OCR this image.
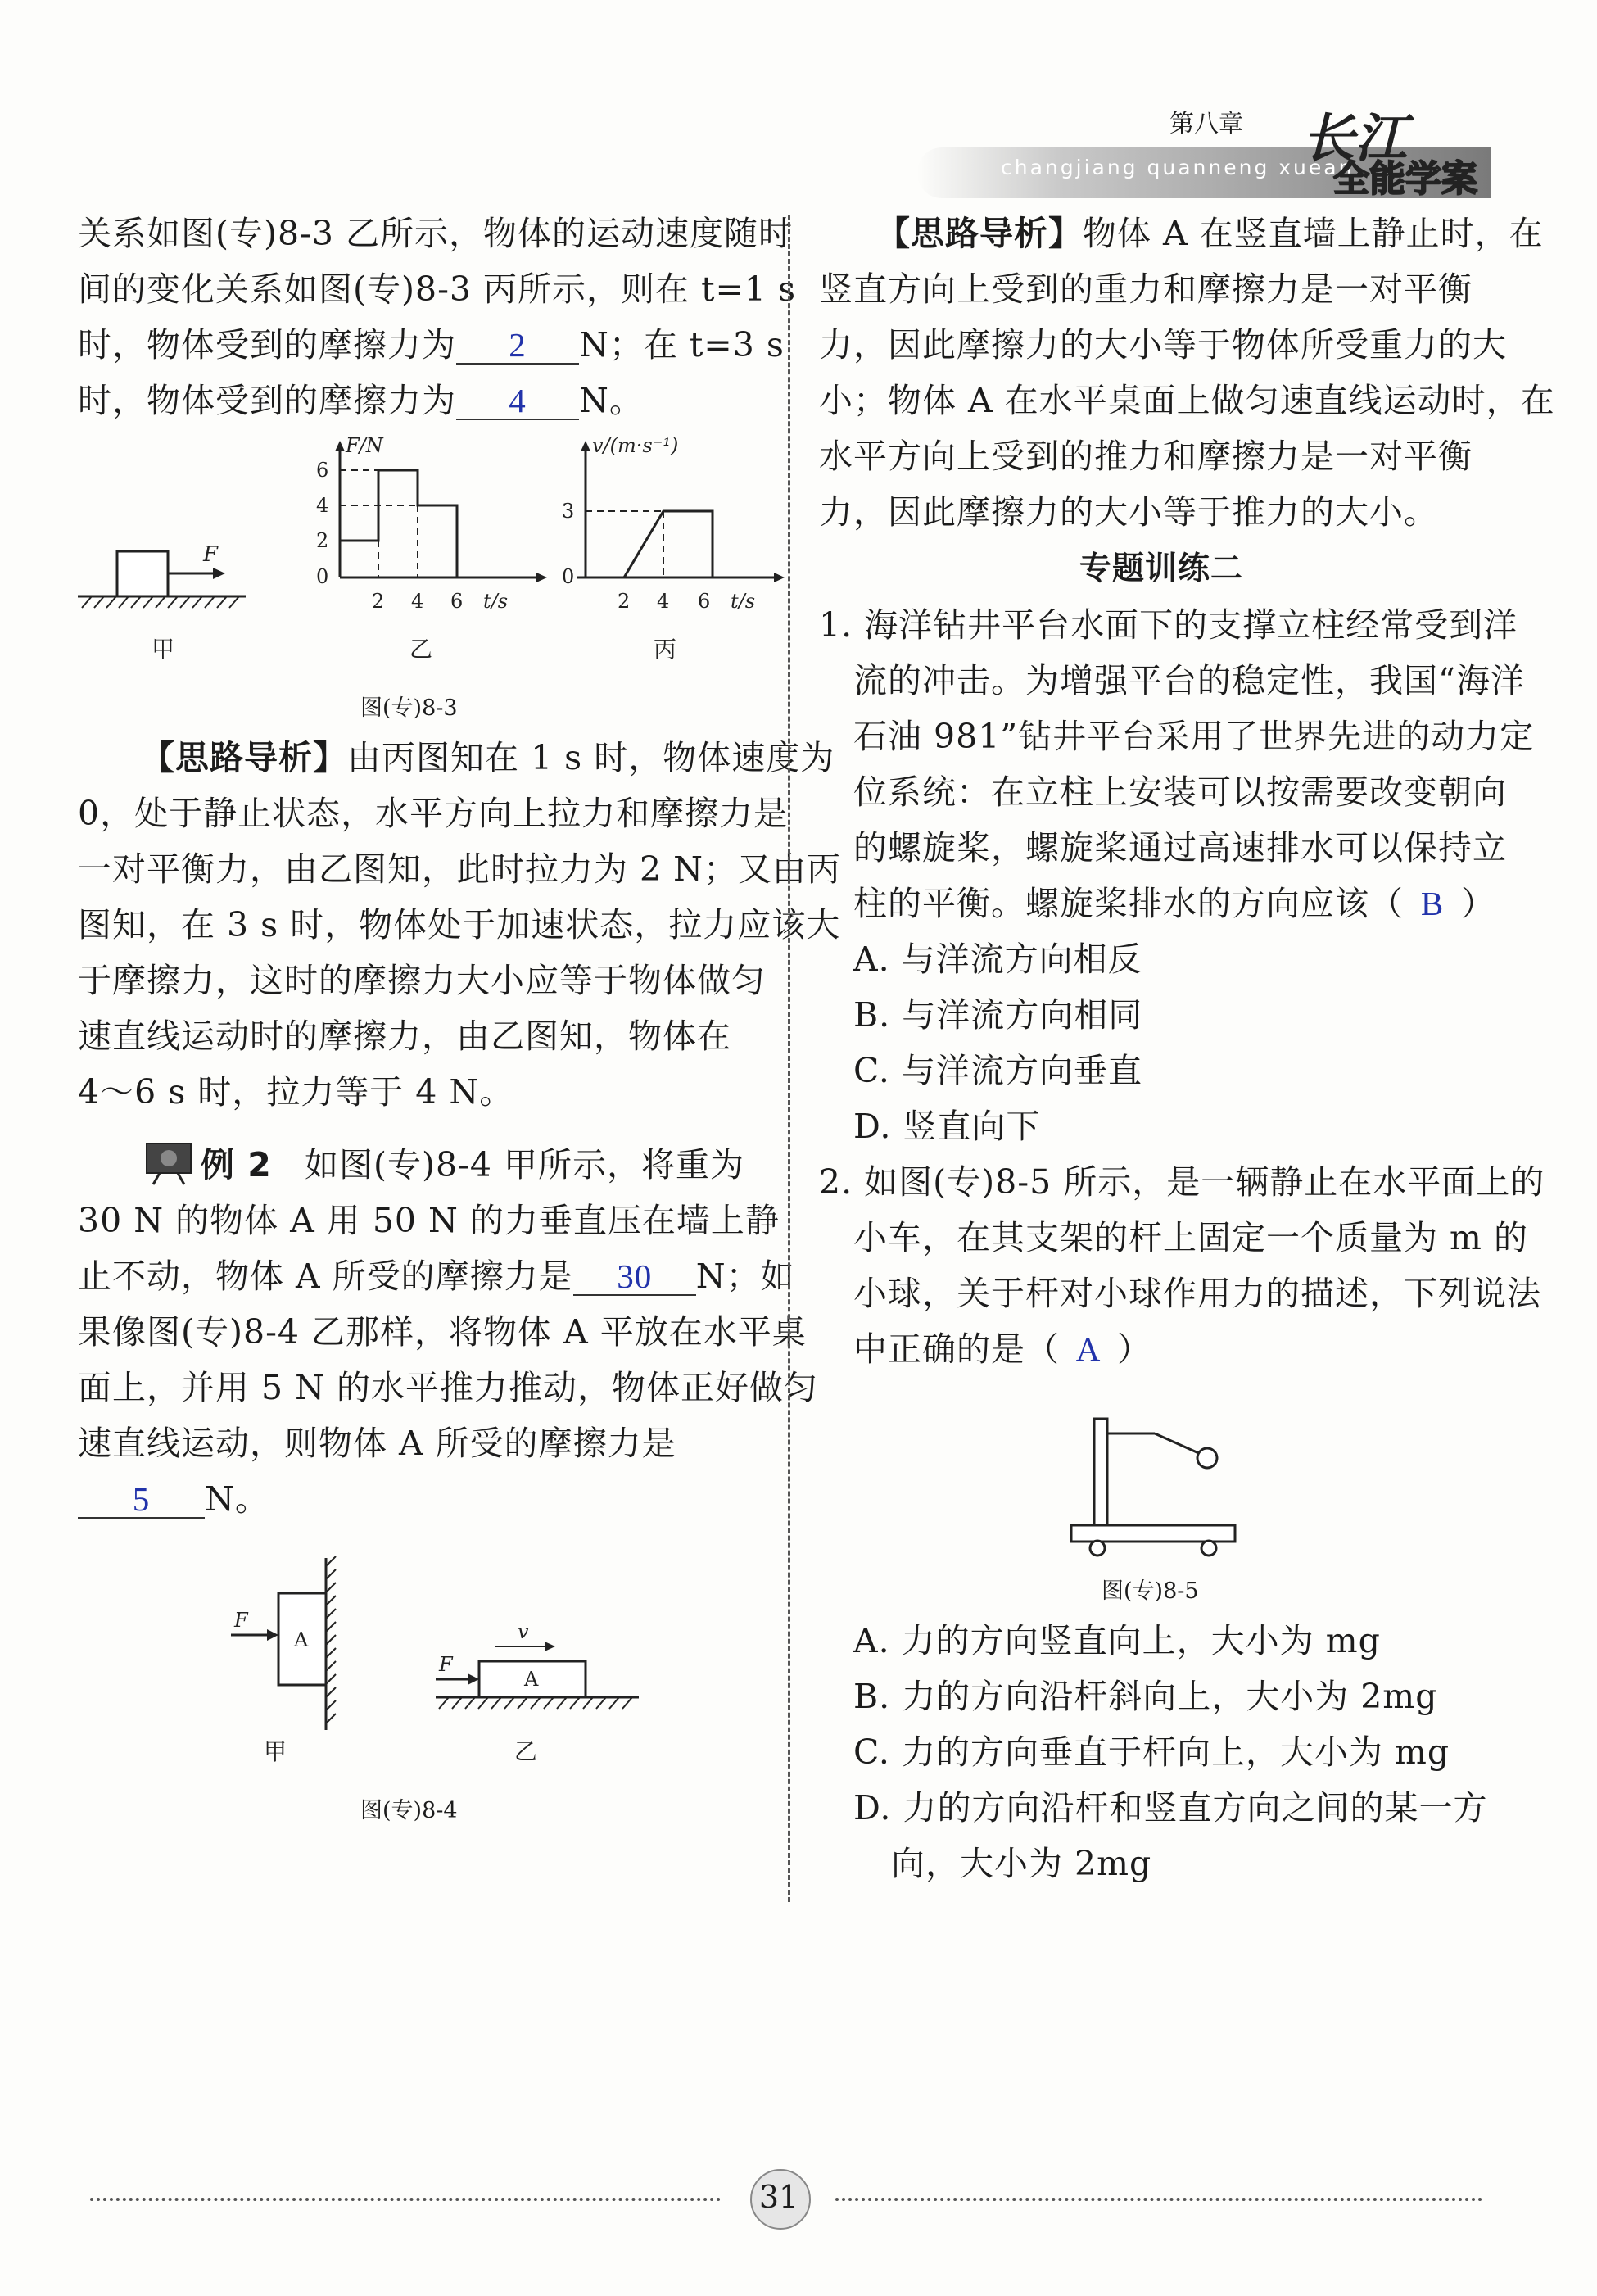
第八章
changjiang quanneng xuean
长江
全能学案
关系如图(专)8-3 乙所示，物体的运动速度随时
间的变化关系如图(专)8-3 丙所示，则在 t=1 s
时，物体受到的摩擦力为 2 N；在 t=3 s
时，物体受到的摩擦力为 4 N。
F
F/N
t/s
6
4
2
0
2 4 6
v/(m·s⁻¹)
t/s
3
0
2 4 6
甲	乙	丙
图(专)8-3
【思路导析】由丙图知在 1 s 时，物体速度为
0，处于静止状态，水平方向上拉力和摩擦力是
一对平衡力，由乙图知，此时拉力为 2 N；又由丙
图知，在 3 s 时，物体处于加速状态，拉力应该大
于摩擦力，这时的摩擦力大小应等于物体做匀
速直线运动时的摩擦力，由乙图知，物体在
4～6 s 时，拉力等于 4 N。
例 2 如图(专)8-4 甲所示，将重为
30 N 的物体 A 用 50 N 的力垂直压在墙上静
止不动，物体 A 所受的摩擦力是 30 N；如
果像图(专)8-4 乙那样，将物体 A 平放在水平桌
面上，并用 5 N 的水平推力推动，物体正好做匀
速直线运动，则物体 A 所受的摩擦力是
5 N。
F
A
F
A
v
甲	乙
图(专)8-4
【思路导析】物体 A 在竖直墙上静止时，在
竖直方向上受到的重力和摩擦力是一对平衡
力，因此摩擦力的大小等于物体所受重力的大
小；物体 A 在水平桌面上做匀速直线运动时，在
水平方向上受到的推力和摩擦力是一对平衡
力，因此摩擦力的大小等于推力的大小。
专题训练二
1. 海洋钻井平台水面下的支撑立柱经常受到洋
流的冲击。为增强平台的稳定性，我国“海洋
石油 981”钻井平台采用了世界先进的动力定
位系统：在立柱上安装可以按需要改变朝向
的螺旋桨，螺旋桨通过高速排水可以保持立
柱的平衡。螺旋桨排水的方向应该（ B ）
A. 与洋流方向相反
B. 与洋流方向相同
C. 与洋流方向垂直
D. 竖直向下
2. 如图(专)8-5 所示，是一辆静止在水平面上的
小车，在其支架的杆上固定一个质量为 m 的
小球，关于杆对小球作用力的描述，下列说法
中正确的是（ A ）
图(专)8-5
A. 力的方向竖直向上，大小为 mg
B. 力的方向沿杆斜向上，大小为 2mg
C. 力的方向垂直于杆向上，大小为 mg
D. 力的方向沿杆和竖直方向之间的某一方
向，大小为 2mg
31
